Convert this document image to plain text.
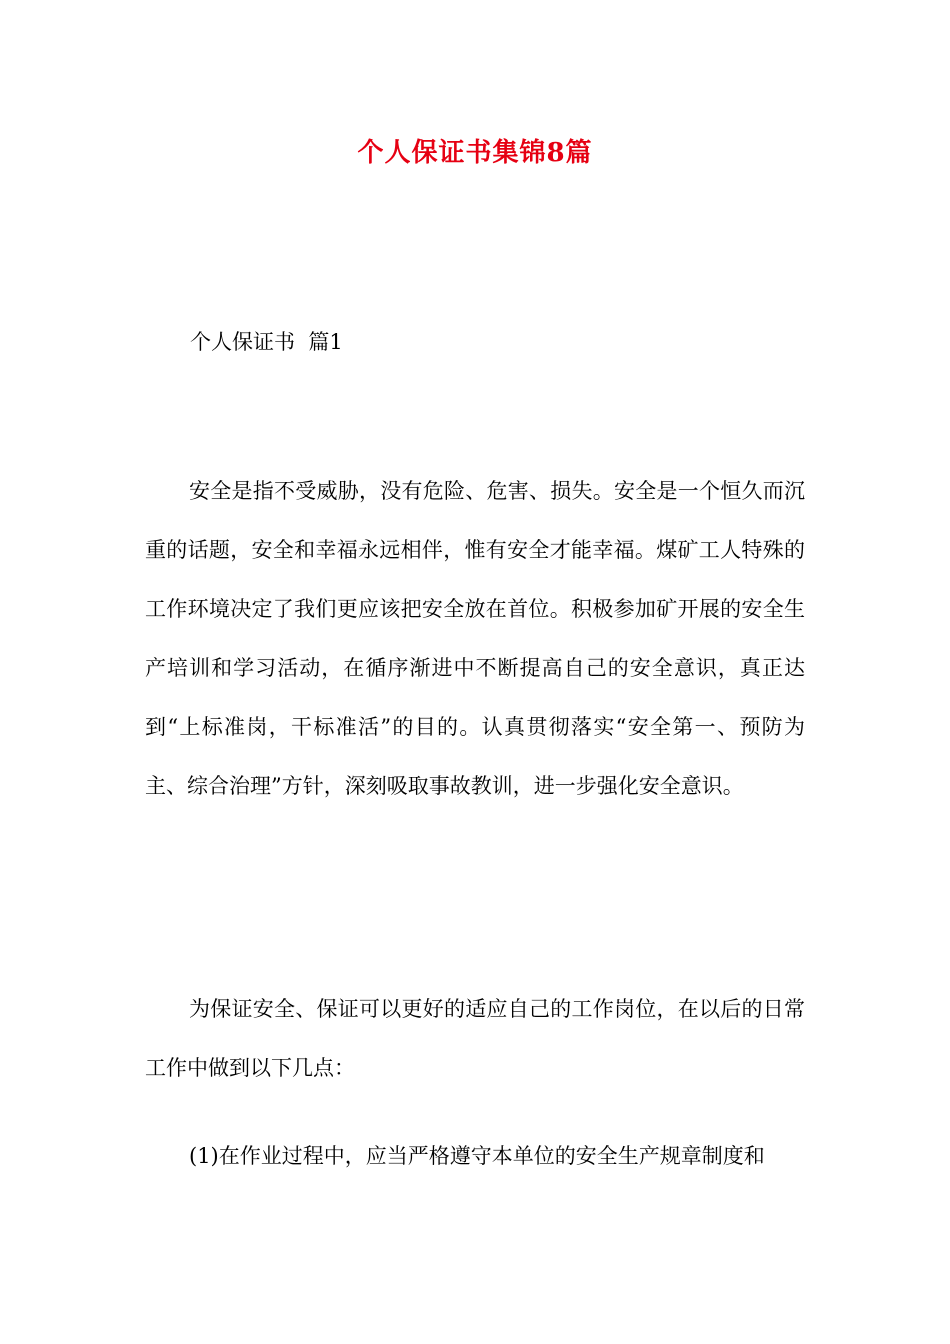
个人保证书集锦8篇

个人保证书  篇1

安全是指不受威胁，没有危险、危害、损失。安全是一个恒久而沉重的话题，安全和幸福永远相伴，惟有安全才能幸福。煤矿工人特殊的工作环境决定了我们更应该把安全放在首位。积极参加矿开展的安全生产培训和学习活动，在循序渐进中不断提高自己的安全意识，真正达到“上标准岗，干标准活”的目的。认真贯彻落实“安全第一、预防为主、综合治理”方针，深刻吸取事故教训，进一步强化安全意识。

为保证安全、保证可以更好的适应自己的工作岗位，在以后的日常工作中做到以下几点：

(1)在作业过程中，应当严格遵守本单位的安全生产规章制度和
